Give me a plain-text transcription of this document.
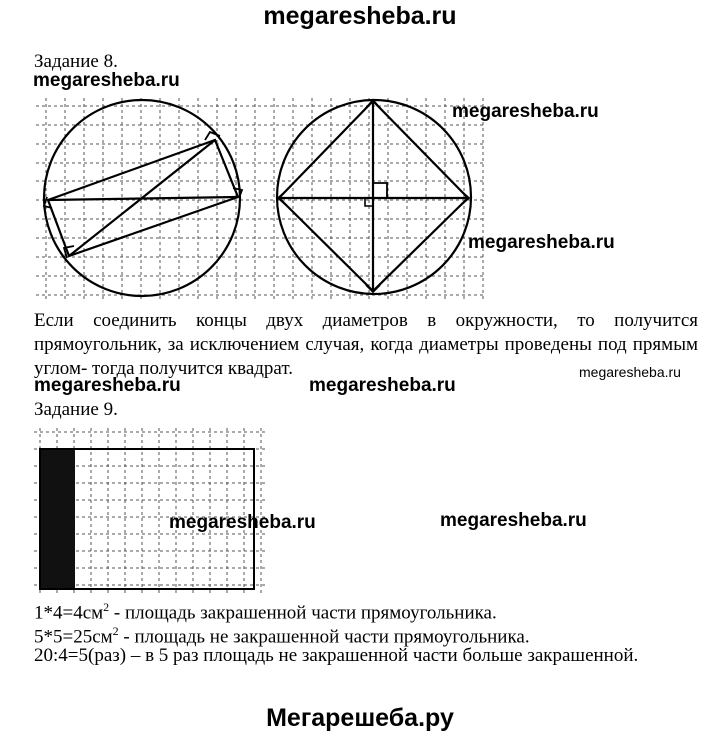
megaresheba.ru
Задание 8.
megaresheba.ru
megaresheba.ru
megaresheba.ru
Если соединить концы двух диаметров в окружности, то получится прямоугольник, за исключением случая, когда диаметры проведены под прямым углом- тогда получится квадрат.
megaresheba.ru	megaresheba.ru
megaresheba.ru
Задание 9.
megaresheba.ru	megaresheba.ru
$1*4=4см^2$ - площадь закрашенной части прямоугольника.
$5*5=25см^2$ - площадь не закрашенной части прямоугольника.
20:4=5(раз) – в 5 раз площадь не закрашенной части больше закрашенной.
Мегарешеба.ру
